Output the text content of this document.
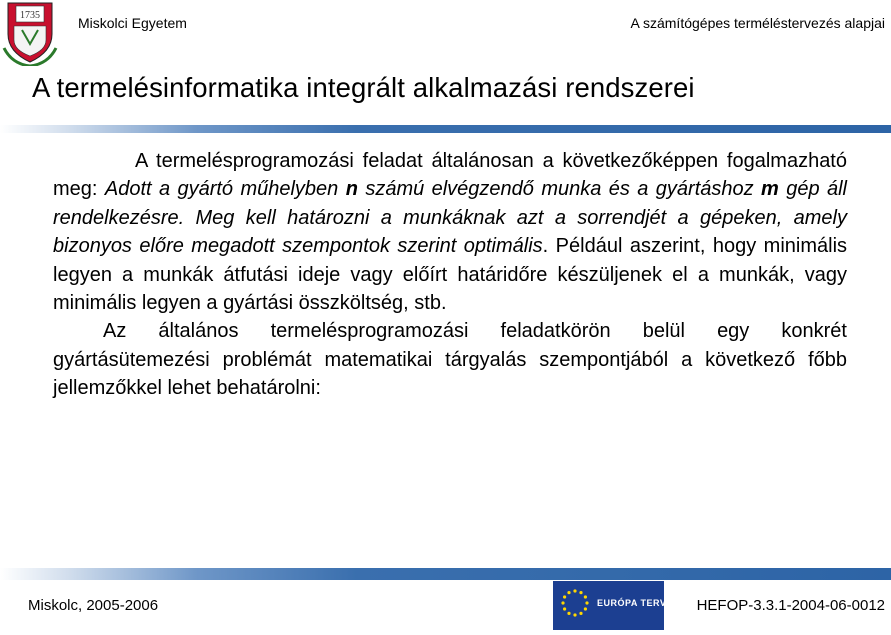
1735	Miskolci Egyetem	A számítógépes terméléstervezés alapjai
A termelésinformatika integrált alkalmazási rendszerei

A termelésprogramozási feladat általánosan a következőképpen fogalmazható meg: Adott a gyártó műhelyben n számú elvégzendő munka és a gyártáshoz m gép áll rendelkezésre. Meg kell határozni a munkáknak azt a sorrendjét a gépeken, amely bizonyos előre megadott szempontok szerint optimális. Például aszerint, hogy minimális legyen a munkák átfutási ideje vagy előírt határidőre készüljenek el a munkák, vagy minimális legyen a gyártási összköltség, stb.

Az általános termelésprogramozási feladatkörön belül egy konkrét gyártásütemezési problémát matematikai tárgyalás szempontjából a következő főbb jellemzőkkel lehet behatárolni:

Miskolc, 2005-2006	EURÓPA TERV HEFOP-3.3.1-2004-06-0012
